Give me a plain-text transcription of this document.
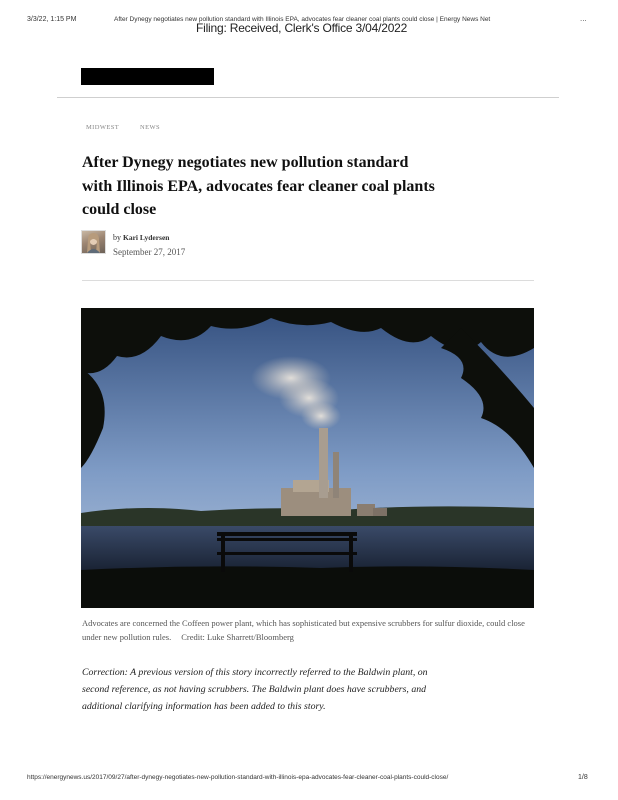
3/3/22, 1:15 PM	After Dynegy negotiates new pollution standard with Illinois EPA, advocates fear cleaner coal plants could close | Energy News Net	...
Filing: Received, Clerk's Office 3/04/2022
MIDWEST	NEWS
After Dynegy negotiates new pollution standard with Illinois EPA, advocates fear cleaner coal plants could close
by Kari Lydersen
September 27, 2017

Advocates are concerned the Coffeen power plant, which has sophisticated but expensive scrubbers for sulfur dioxide, could close under new pollution rules. Credit: Luke Sharrett/Bloomberg

Correction: A previous version of this story incorrectly referred to the Baldwin plant, on second reference, as not having scrubbers. The Baldwin plant does have scrubbers, and additional clarifying information has been added to this story.

https://energynews.us/2017/09/27/after-dynegy-negotiates-new-pollution-standard-with-illinois-epa-advocates-fear-cleaner-coal-plants-could-close/	1/8
